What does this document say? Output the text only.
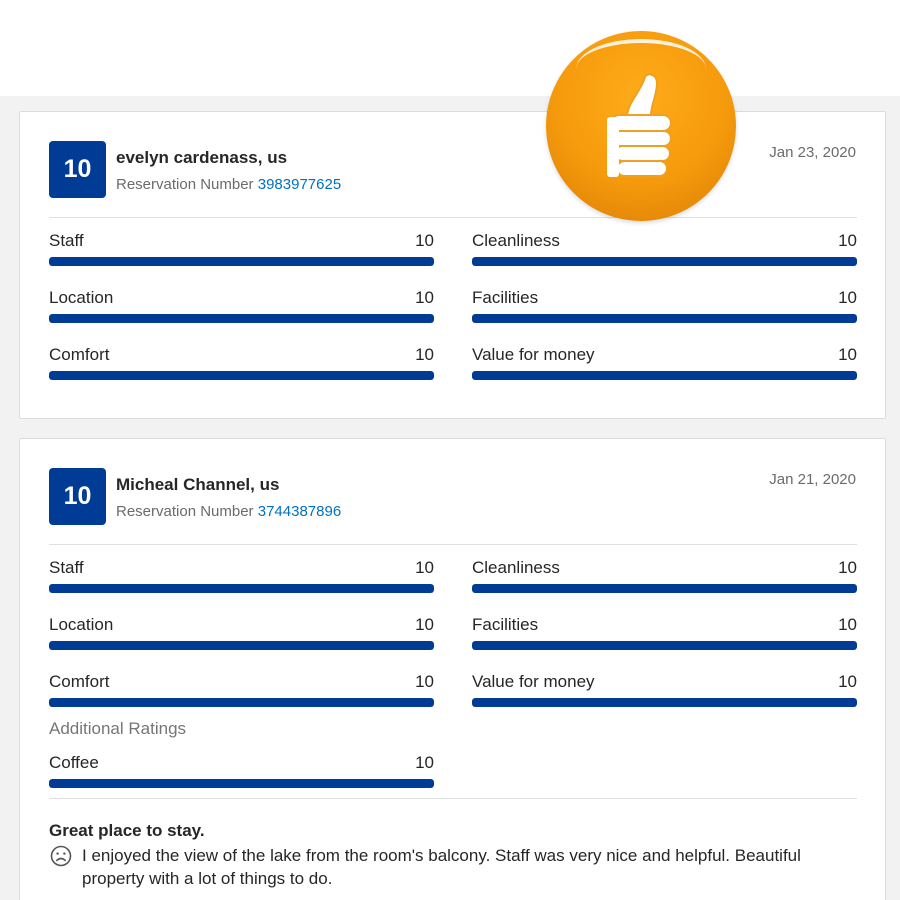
10	evelyn cardenass, us
Reservation Number 3983977625
Jan 23, 2020
Staff	10 Cleanliness	10
Location	10 Facilities	10
Comfort	10 Value for money	10
10	Micheal Channel, us
Reservation Number 3744387896
Jan 21, 2020
Staff	10 Cleanliness	10
Location	10 Facilities	10
Comfort	10 Value for money	10
Additional Ratings
Coffee	10
Great place to stay.
I enjoyed the view of the lake from the room's balcony. Staff was very nice and helpful. Beautiful property with a lot of things to do.
